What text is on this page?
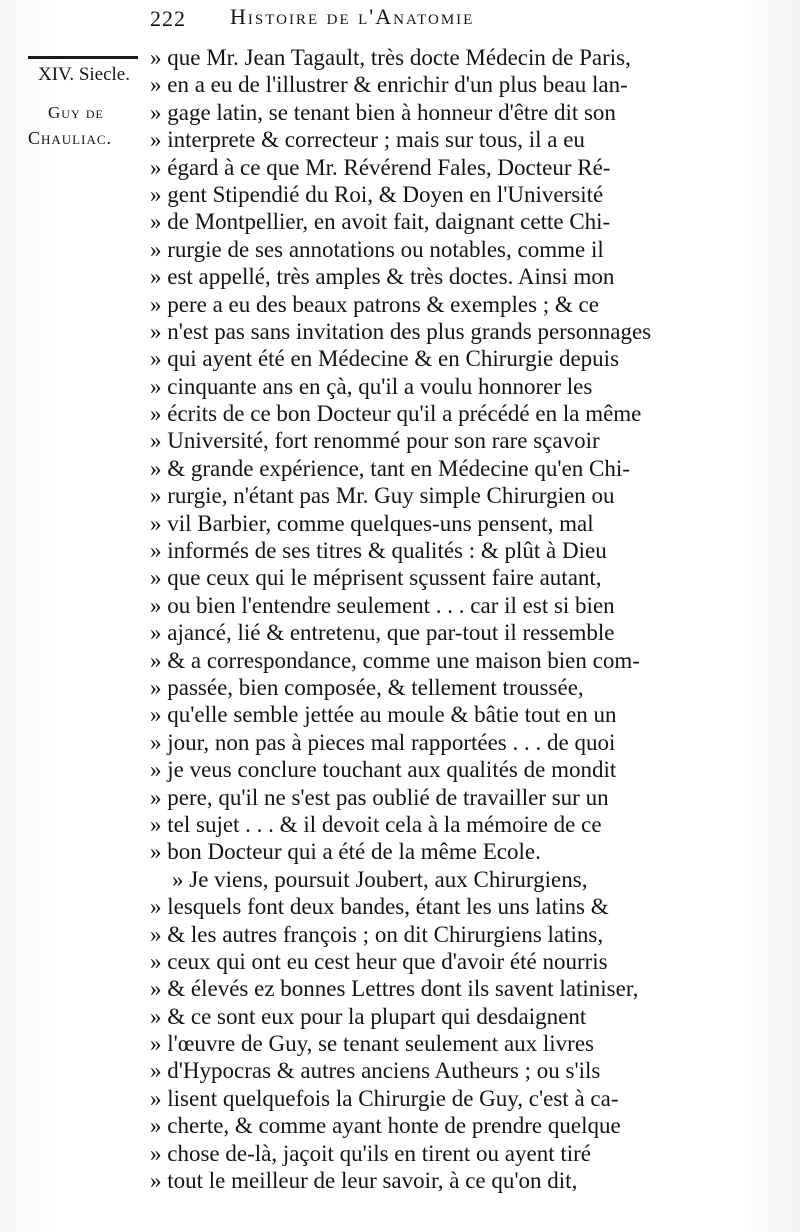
222 Histoire de l'Anatomie
XIV. Siecle.
Guy de
Chauliac.
» que Mr. Jean Tagault, très docte Médecin de Paris,
» en a eu de l'illustrer & enrichir d'un plus beau lan-
» gage latin, se tenant bien à honneur d'être dit son
» interprete & correcteur ; mais sur tous, il a eu
» égard à ce que Mr. Révérend Fales, Docteur Ré-
» gent Stipendié du Roi, & Doyen en l'Université
» de Montpellier, en avoit fait, daignant cette Chi-
» rurgie de ses annotations ou notables, comme il
» est appellé, très amples & très doctes. Ainsi mon
» pere a eu des beaux patrons & exemples ; & ce
» n'est pas sans invitation des plus grands personnages
» qui ayent été en Médecine & en Chirurgie depuis
» cinquante ans en çà, qu'il a voulu honnorer les
» écrits de ce bon Docteur qu'il a précédé en la même
» Université, fort renommé pour son rare sçavoir
» & grande expérience, tant en Médecine qu'en Chi-
» rurgie, n'étant pas Mr. Guy simple Chirurgien ou
» vil Barbier, comme quelques-uns pensent, mal
» informés de ses titres & qualités : & plût à Dieu
» que ceux qui le méprisent sçussent faire autant,
» ou bien l'entendre seulement . . . car il est si bien
» ajancé, lié & entretenu, que par-tout il ressemble
» & a correspondance, comme une maison bien com-
» passée, bien composée, & tellement troussée,
» qu'elle semble jettée au moule & bâtie tout en un
» jour, non pas à pieces mal rapportées . . . de quoi
» je veus conclure touchant aux qualités de mondit
» pere, qu'il ne s'est pas oublié de travailler sur un
» tel sujet . . . & il devoit cela à la mémoire de ce
» bon Docteur qui a été de la même Ecole.
» Je viens, poursuit Joubert, aux Chirurgiens,
» lesquels font deux bandes, étant les uns latins &
» & les autres françois ; on dit Chirurgiens latins,
» ceux qui ont eu cest heur que d'avoir été nourris
» & élevés ez bonnes Lettres dont ils savent latiniser,
» & ce sont eux pour la plupart qui desdaignent
» l'œuvre de Guy, se tenant seulement aux livres
» d'Hypocras & autres anciens Autheurs ; ou s'ils
» lisent quelquefois la Chirurgie de Guy, c'est à ca-
» cherte, & comme ayant honte de prendre quelque
» chose de-là, jaçoit qu'ils en tirent ou ayent tiré
» tout le meilleur de leur savoir, à ce qu'on dit,
